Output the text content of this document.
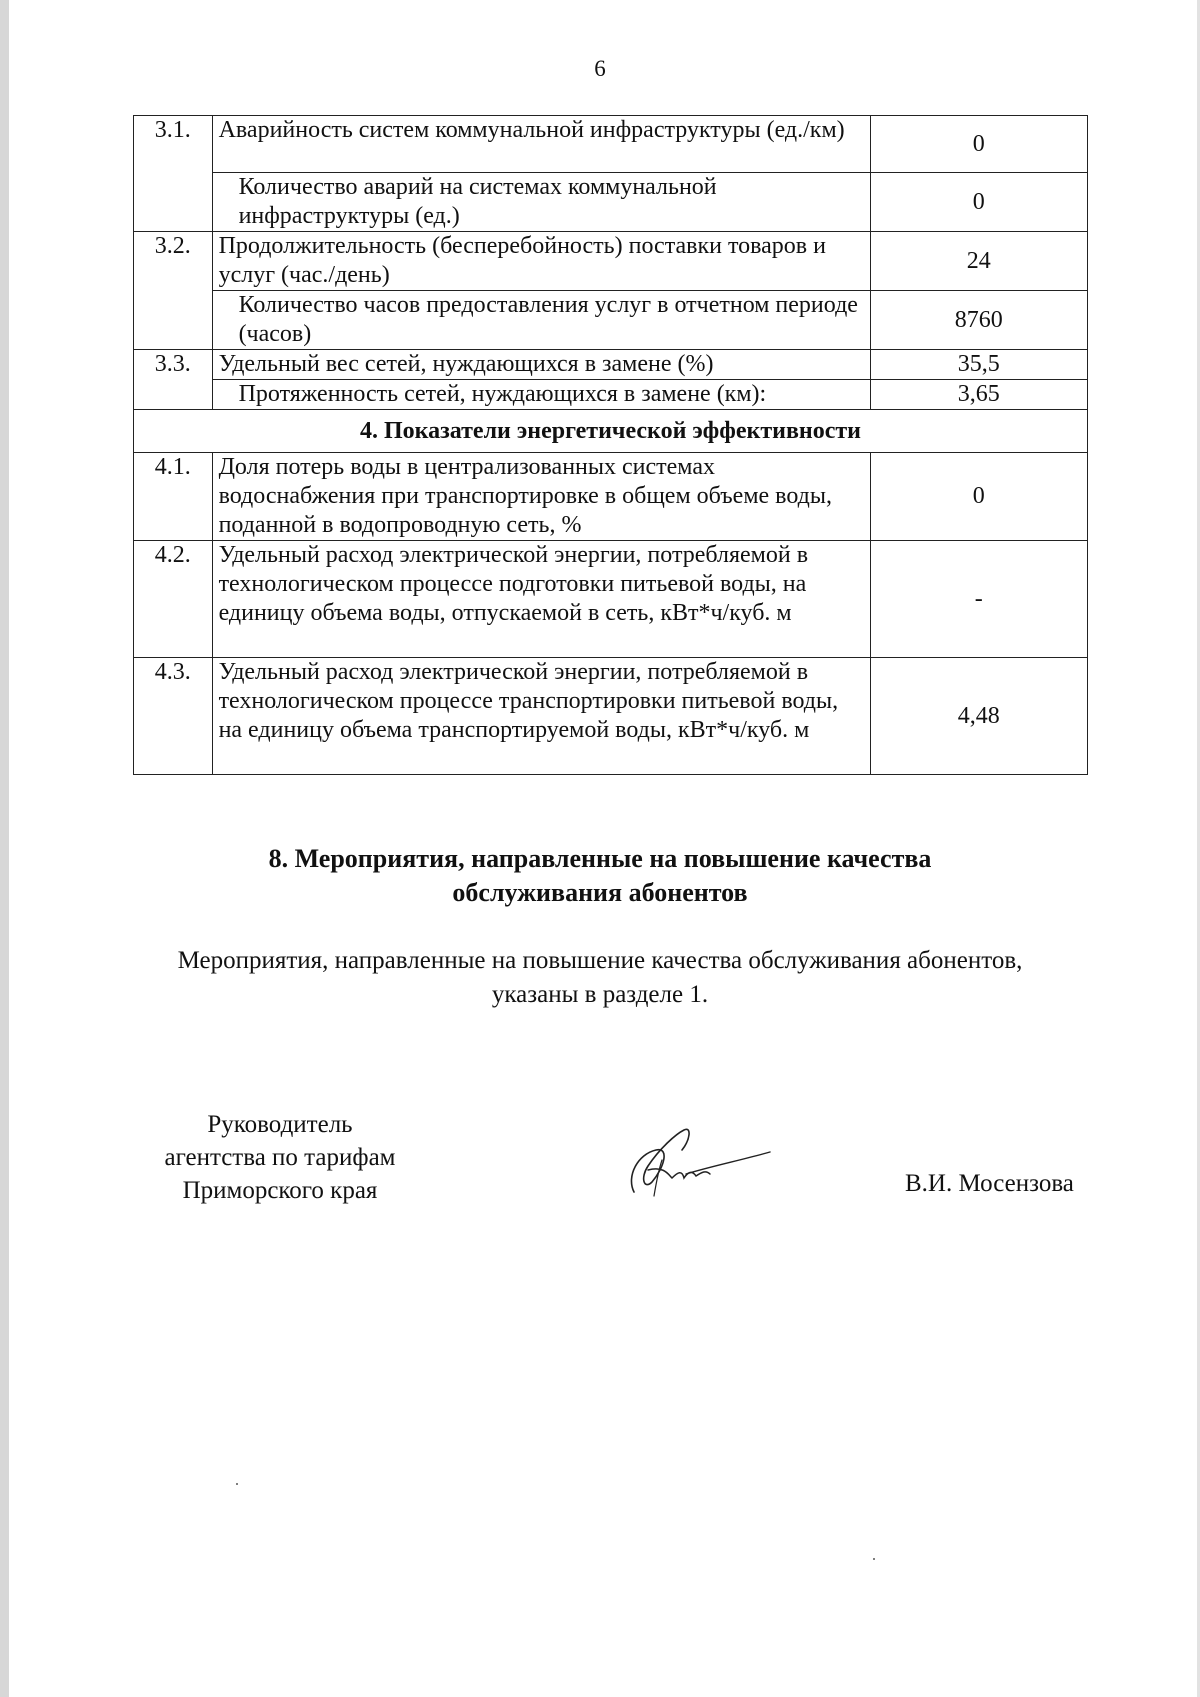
6
3.1.	Аварийность систем коммунальной инфраструктуры (ед./км)	0
	Количество аварий на системах коммунальной инфраструктуры (ед.)	0
3.2.	Продолжительность (бесперебойность) поставки товаров и услуг (час./день)	24
	Количество часов предоставления услуг в отчетном периоде (часов)	8760
3.3.	Удельный вес сетей, нуждающихся в замене (%)	35,5
	Протяженность сетей, нуждающихся в замене (км):	3,65
4. Показатели энергетической эффективности		
4.1.	Доля потерь воды в централизованных системах водоснабжения при транспортировке в общем объеме воды, поданной в водопроводную сеть, %	0
4.2.	Удельный расход электрической энергии, потребляемой в технологическом процессе подготовки питьевой воды, на единицу объема воды, отпускаемой в сеть, кВт*ч/куб. м	-
4.3.	Удельный расход электрической энергии, потребляемой в технологическом процессе транспортировки питьевой воды, на единицу объема транспортируемой воды, кВт*ч/куб. м	4,48
8. Мероприятия, направленные на повышение качества
обслуживания абонентов
Мероприятия, направленные на повышение качества обслуживания абонентов,
указаны в разделе 1.
Руководитель
агентства по тарифам
Приморского края	В.И. Мосензова
